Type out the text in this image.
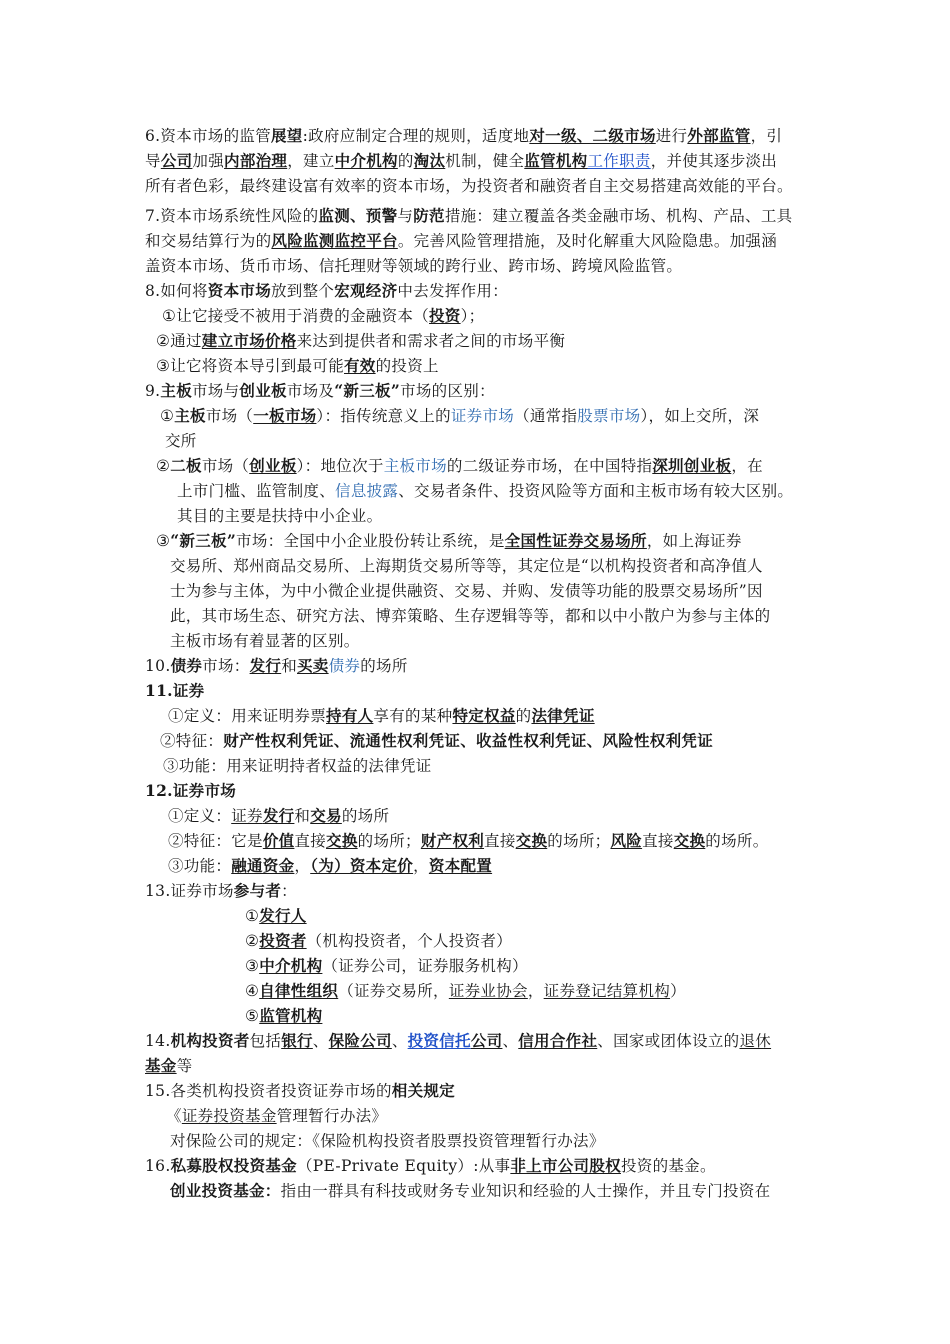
6.资本市场的监管展望:政府应制定合理的规则，适度地对一级、二级市场进行外部监管，引
导公司加强内部治理，建立中介机构的淘汰机制，健全监管机构工作职责，并使其逐步淡出
所有者色彩，最终建设富有效率的资本市场，为投资者和融资者自主交易搭建高效能的平台。
7.资本市场系统性风险的监测、预警与防范措施：建立覆盖各类金融市场、机构、产品、工具
和交易结算行为的风险监测监控平台。完善风险管理措施，及时化解重大风险隐患。加强涵
盖资本市场、货币市场、信托理财等领域的跨行业、跨市场、跨境风险监管。
8.如何将资本市场放到整个宏观经济中去发挥作用：
①让它接受不被用于消费的金融资本（投资）；
②通过建立市场价格来达到提供者和需求者之间的市场平衡
③让它将资本导引到最可能有效的投资上
9.主板市场与创业板市场及“新三板”市场的区别：
①主板市场（一板市场）：指传统意义上的证券市场（通常指股票市场），如上交所，深
交所
②二板市场（创业板）：地位次于主板市场的二级证券市场，在中国特指深圳创业板，在
上市门槛、监管制度、信息披露、交易者条件、投资风险等方面和主板市场有较大区别。
其目的主要是扶持中小企业。
③“新三板”市场：全国中小企业股份转让系统，是全国性证券交易场所，如上海证券
交易所、郑州商品交易所、上海期货交易所等等，其定位是“以机构投资者和高净值人
士为参与主体，为中小微企业提供融资、交易、并购、发债等功能的股票交易场所”因
此，其市场生态、研究方法、博弈策略、生存逻辑等等，都和以中小散户为参与主体的
主板市场有着显著的区别。
10.债券市场：发行和买卖债券的场所
11.证券
①定义：用来证明券票持有人享有的某种特定权益的法律凭证
②特征：财产性权利凭证、流通性权利凭证、收益性权利凭证、风险性权利凭证
③功能：用来证明持者权益的法律凭证
12.证券市场
①定义：证券发行和交易的场所
②特征：它是价值直接交换的场所；财产权利直接交换的场所；风险直接交换的场所。
③功能：融通资金，（为）资本定价，资本配置
13.证券市场参与者：
①发行人
②投资者（机构投资者，个人投资者）
③中介机构（证券公司，证券服务机构）
④自律性组织（证券交易所，证券业协会，证券登记结算机构）
⑤监管机构
14.机构投资者包括银行、保险公司、投资信托公司、信用合作社、国家或团体设立的退休
基金等
15.各类机构投资者投资证券市场的相关规定
《证券投资基金管理暂行办法》
对保险公司的规定：《保险机构投资者股票投资管理暂行办法》
16.私募股权投资基金（PE-Private Equity）:从事非上市公司股权投资的基金。
创业投资基金：指由一群具有科技或财务专业知识和经验的人士操作，并且专门投资在
